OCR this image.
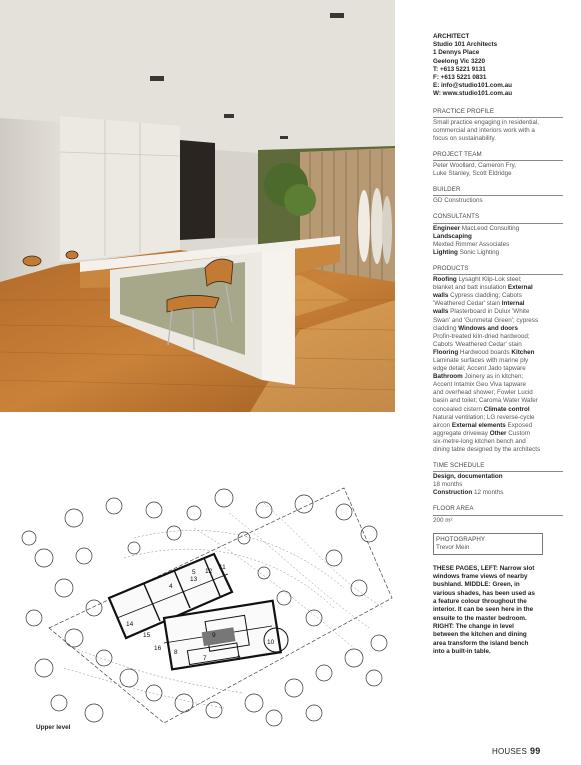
ARCHITECT
Studio 101 Architects
1 Dennys Place
Geelong Vic 3220
T: +613 5221 9131
F: +613 5221 0831
E: info@studio101.com.au
W: www.studio101.com.au
PRACTICE PROFILE
Small practice engaging in residential,
commercial and interiors work with a
focus on sustainability.
PROJECT TEAM
Peter Woollard, Cameron Fry,
Luke Stanley, Scott Eldridge
BUILDER
GD Constructions
CONSULTANTS
Engineer MacLeod Consulting
Landscaping
Mexted Rimmer Associates
Lighting Sonic Lighting
PRODUCTS
Roofing Lysaght Klip-Lok steel;
blanket and batt insulation External
walls Cypress cladding; Cabots
'Weathered Cedar' stain Internal
walls Plasterboard in Dulux 'White
Swan' and 'Gunmetal Green'; cypress
cladding Windows and doors
Profin-treated kiln-dried hardwood;
Cabots 'Weathered Cedar' stain
Flooring Hardwood boards Kitchen
Laminate surfaces with marine ply
edge detail; Accent Jado tapware
Bathroom Joinery as in kitchen;
Accent Intamix Geo Viva tapware
and overhead shower; Fowler Lucid
basin and toilet; Caroma Water Wafer
concealed cistern Climate control
Natural ventilation; LG reverse-cycle
aircon External elements Exposed
aggregate driveway Other Custom
six-metre-long kitchen bench and
dining table designed by the architects
TIME SCHEDULE
Design, documentation
18 months
Construction 12 months
FLOOR AREA
200 m²
PHOTOGRAPHY
Trevor Mein
THESE PAGES, LEFT: Narrow slot
windows frame views of nearby
bushland. MIDDLE: Green, in
various shades, has been used as
a feature colour throughout the
interior. It can be seen here in the
ensuite to the master bedroom.
RIGHT: The change in level
between the kitchen and dining
area transform the island bench
into a built-in table.
5
4
13
12
11
14
15
16
8
9
7	8
10
Upper level
HOUSES 99
